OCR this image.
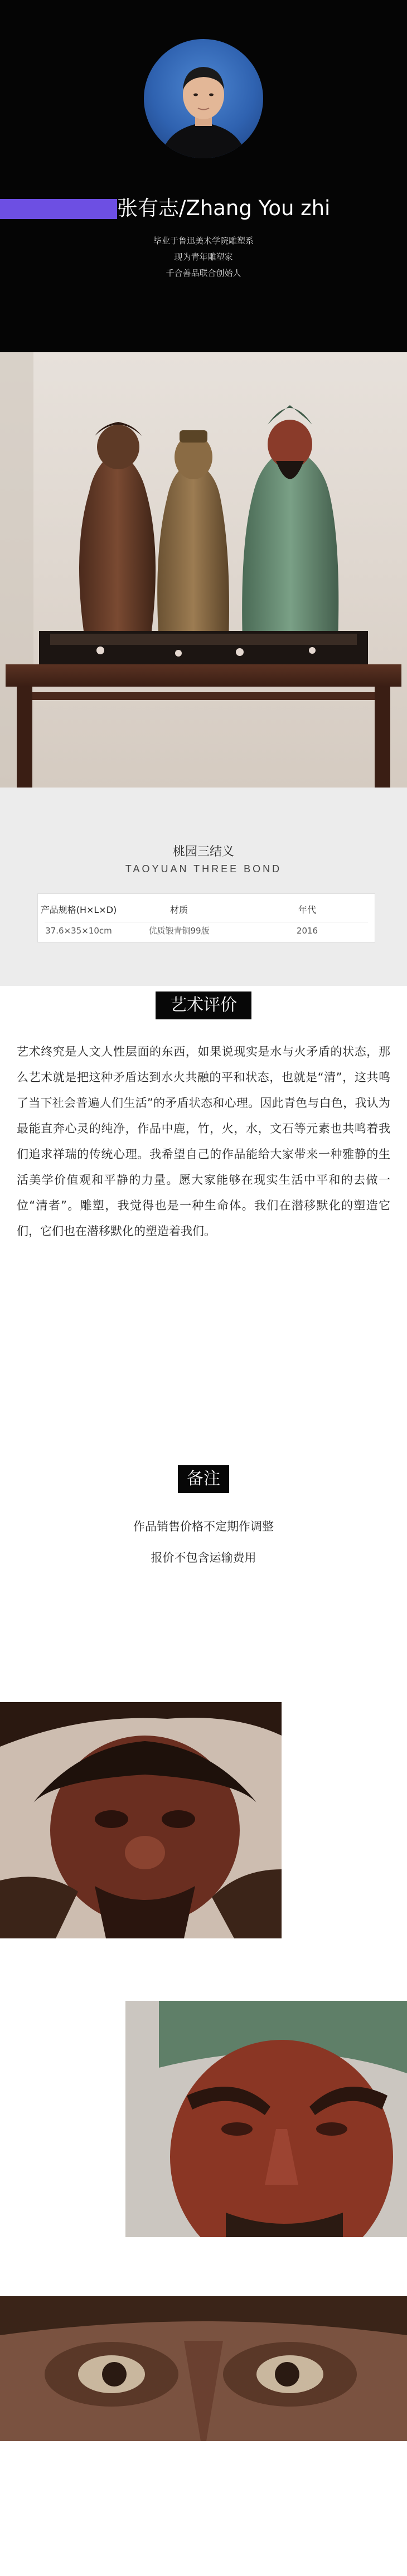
张有志/Zhang You zhi
毕业于鲁迅美术学院雕塑系
现为青年雕塑家
千合善品联合创始人
桃园三结义
TAOYUAN THREE BOND
产品规格(H×L×D)
37.6×35×10cm
材质
优质锻青铜99版
年代
2016
艺术评价
艺术终究是人文人性层面的东西，如果说现实是水与火矛盾的状态，那么艺术就是把这种矛盾达到水火共融的平和状态，也就是“清”，这共鸣了当下社会普遍人们生活”的矛盾状态和心理。因此青色与白色，我认为最能直奔心灵的纯净，作品中鹿，竹，火，水，文石等元素也共鸣着我们追求祥瑞的传统心理。我希望自己的作品能给大家带来一种雅静的生活美学价值观和平静的力量。愿大家能够在现实生活中平和的去做一位“清者”。雕塑，我觉得也是一种生命体。我们在潜移默化的塑造它们，它们也在潜移默化的塑造着我们。
备注
作品销售价格不定期作调整
报价不包含运输费用
